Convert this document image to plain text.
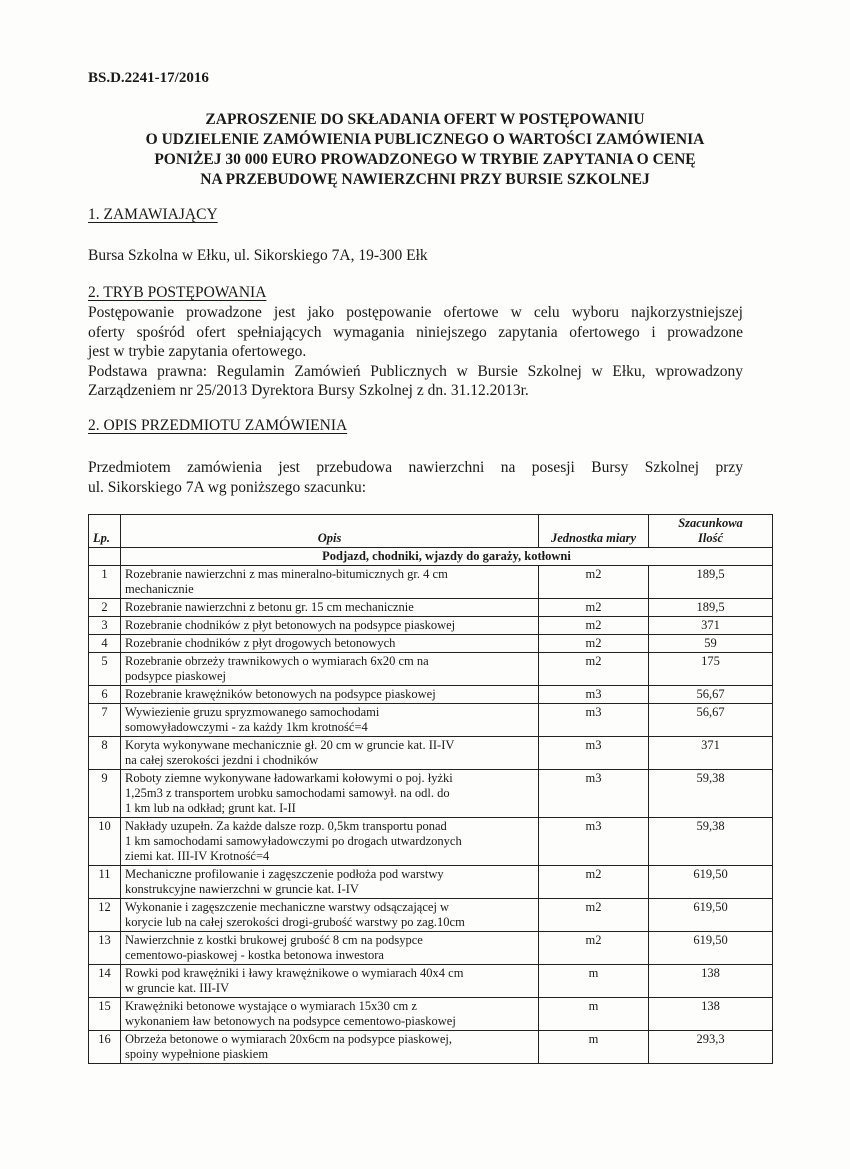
BS.D.2241-17/2016
ZAPROSZENIE DO SKŁADANIA OFERT W POSTĘPOWANIU
O UDZIELENIE ZAMÓWIENIA PUBLICZNEGO O WARTOŚCI ZAMÓWIENIA
PONIŻEJ 30 000 EURO PROWADZONEGO W TRYBIE ZAPYTANIA O CENĘ
NA PRZEBUDOWĘ NAWIERZCHNI PRZY BURSIE SZKOLNEJ
1. ZAMAWIAJĄCY
Bursa Szkolna w Ełku, ul. Sikorskiego 7A, 19-300 Ełk
2. TRYB POSTĘPOWANIA
Postępowanie prowadzone jest jako postępowanie ofertowe w celu wyboru najkorzystniejszej
oferty spośród ofert spełniających wymagania niniejszego zapytania ofertowego i prowadzone
jest w trybie zapytania ofertowego.
Podstawa prawna: Regulamin Zamówień Publicznych w Bursie Szkolnej w Ełku, wprowadzony
Zarządzeniem nr 25/2013 Dyrektora Bursy Szkolnej z dn. 31.12.2013r.
2. OPIS PRZEDMIOTU ZAMÓWIENIA
Przedmiotem zamówienia jest przebudowa nawierzchni na posesji Bursy Szkolnej przy
ul. Sikorskiego 7A wg poniższego szacunku:
Lp.	Opis	Jednostka miary	Szacunkowa
Ilość

	Podjazd, chodniki, wjazdy do garaży, kotłowni		
1	Rozebranie nawierzchni z mas mineralno-bitumicznych gr. 4 cm
mechanicznie	m2	189,5
2	Rozebranie nawierzchni z betonu gr. 15 cm mechanicznie	m2	189,5
3	Rozebranie chodników z płyt betonowych na podsypce piaskowej	m2	371
4	Rozebranie chodników z płyt drogowych betonowych	m2	59
5	Rozebranie obrzeży trawnikowych o wymiarach 6x20 cm na
podsypce piaskowej	m2	175
6	Rozebranie krawężników betonowych na podsypce piaskowej	m3	56,67
7	Wywiezienie gruzu spryzmowanego samochodami
somowyładowczymi - za każdy 1km krotność=4	m3	56,67
8	Koryta wykonywane mechanicznie gł. 20 cm w gruncie kat. II-IV
na całej szerokości jezdni i chodników	m3	371
9	Roboty ziemne wykonywane ładowarkami kołowymi o poj. łyżki
1,25m3 z transportem urobku samochodami samowył. na odl. do
1 km lub na odkład; grunt kat. I-II	m3	59,38
10	Nakłady uzupełn. Za każde dalsze rozp. 0,5km transportu ponad
1 km samochodami samowyładowczymi po drogach utwardzonych
ziemi kat. III-IV Krotność=4	m3	59,38
11	Mechaniczne profilowanie i zagęszczenie podłoża pod warstwy
konstrukcyjne nawierzchni w gruncie kat. I-IV	m2	619,50
12	Wykonanie i zagęszczenie mechaniczne warstwy odsączającej w
korycie lub na całej szerokości drogi-grubość warstwy po zag.10cm	m2	619,50
13	Nawierzchnie z kostki brukowej grubość 8 cm na podsypce
cementowo-piaskowej - kostka betonowa inwestora	m2	619,50
14	Rowki pod krawężniki i ławy krawężnikowe o wymiarach 40x4 cm
w gruncie kat. III-IV	m	138
15	Krawężniki betonowe wystające o wymiarach 15x30 cm z
wykonaniem ław betonowych na podsypce cementowo-piaskowej	m	138
16	Obrzeża betonowe o wymiarach 20x6cm na podsypce piaskowej,
spoiny wypełnione piaskiem	m	293,3
